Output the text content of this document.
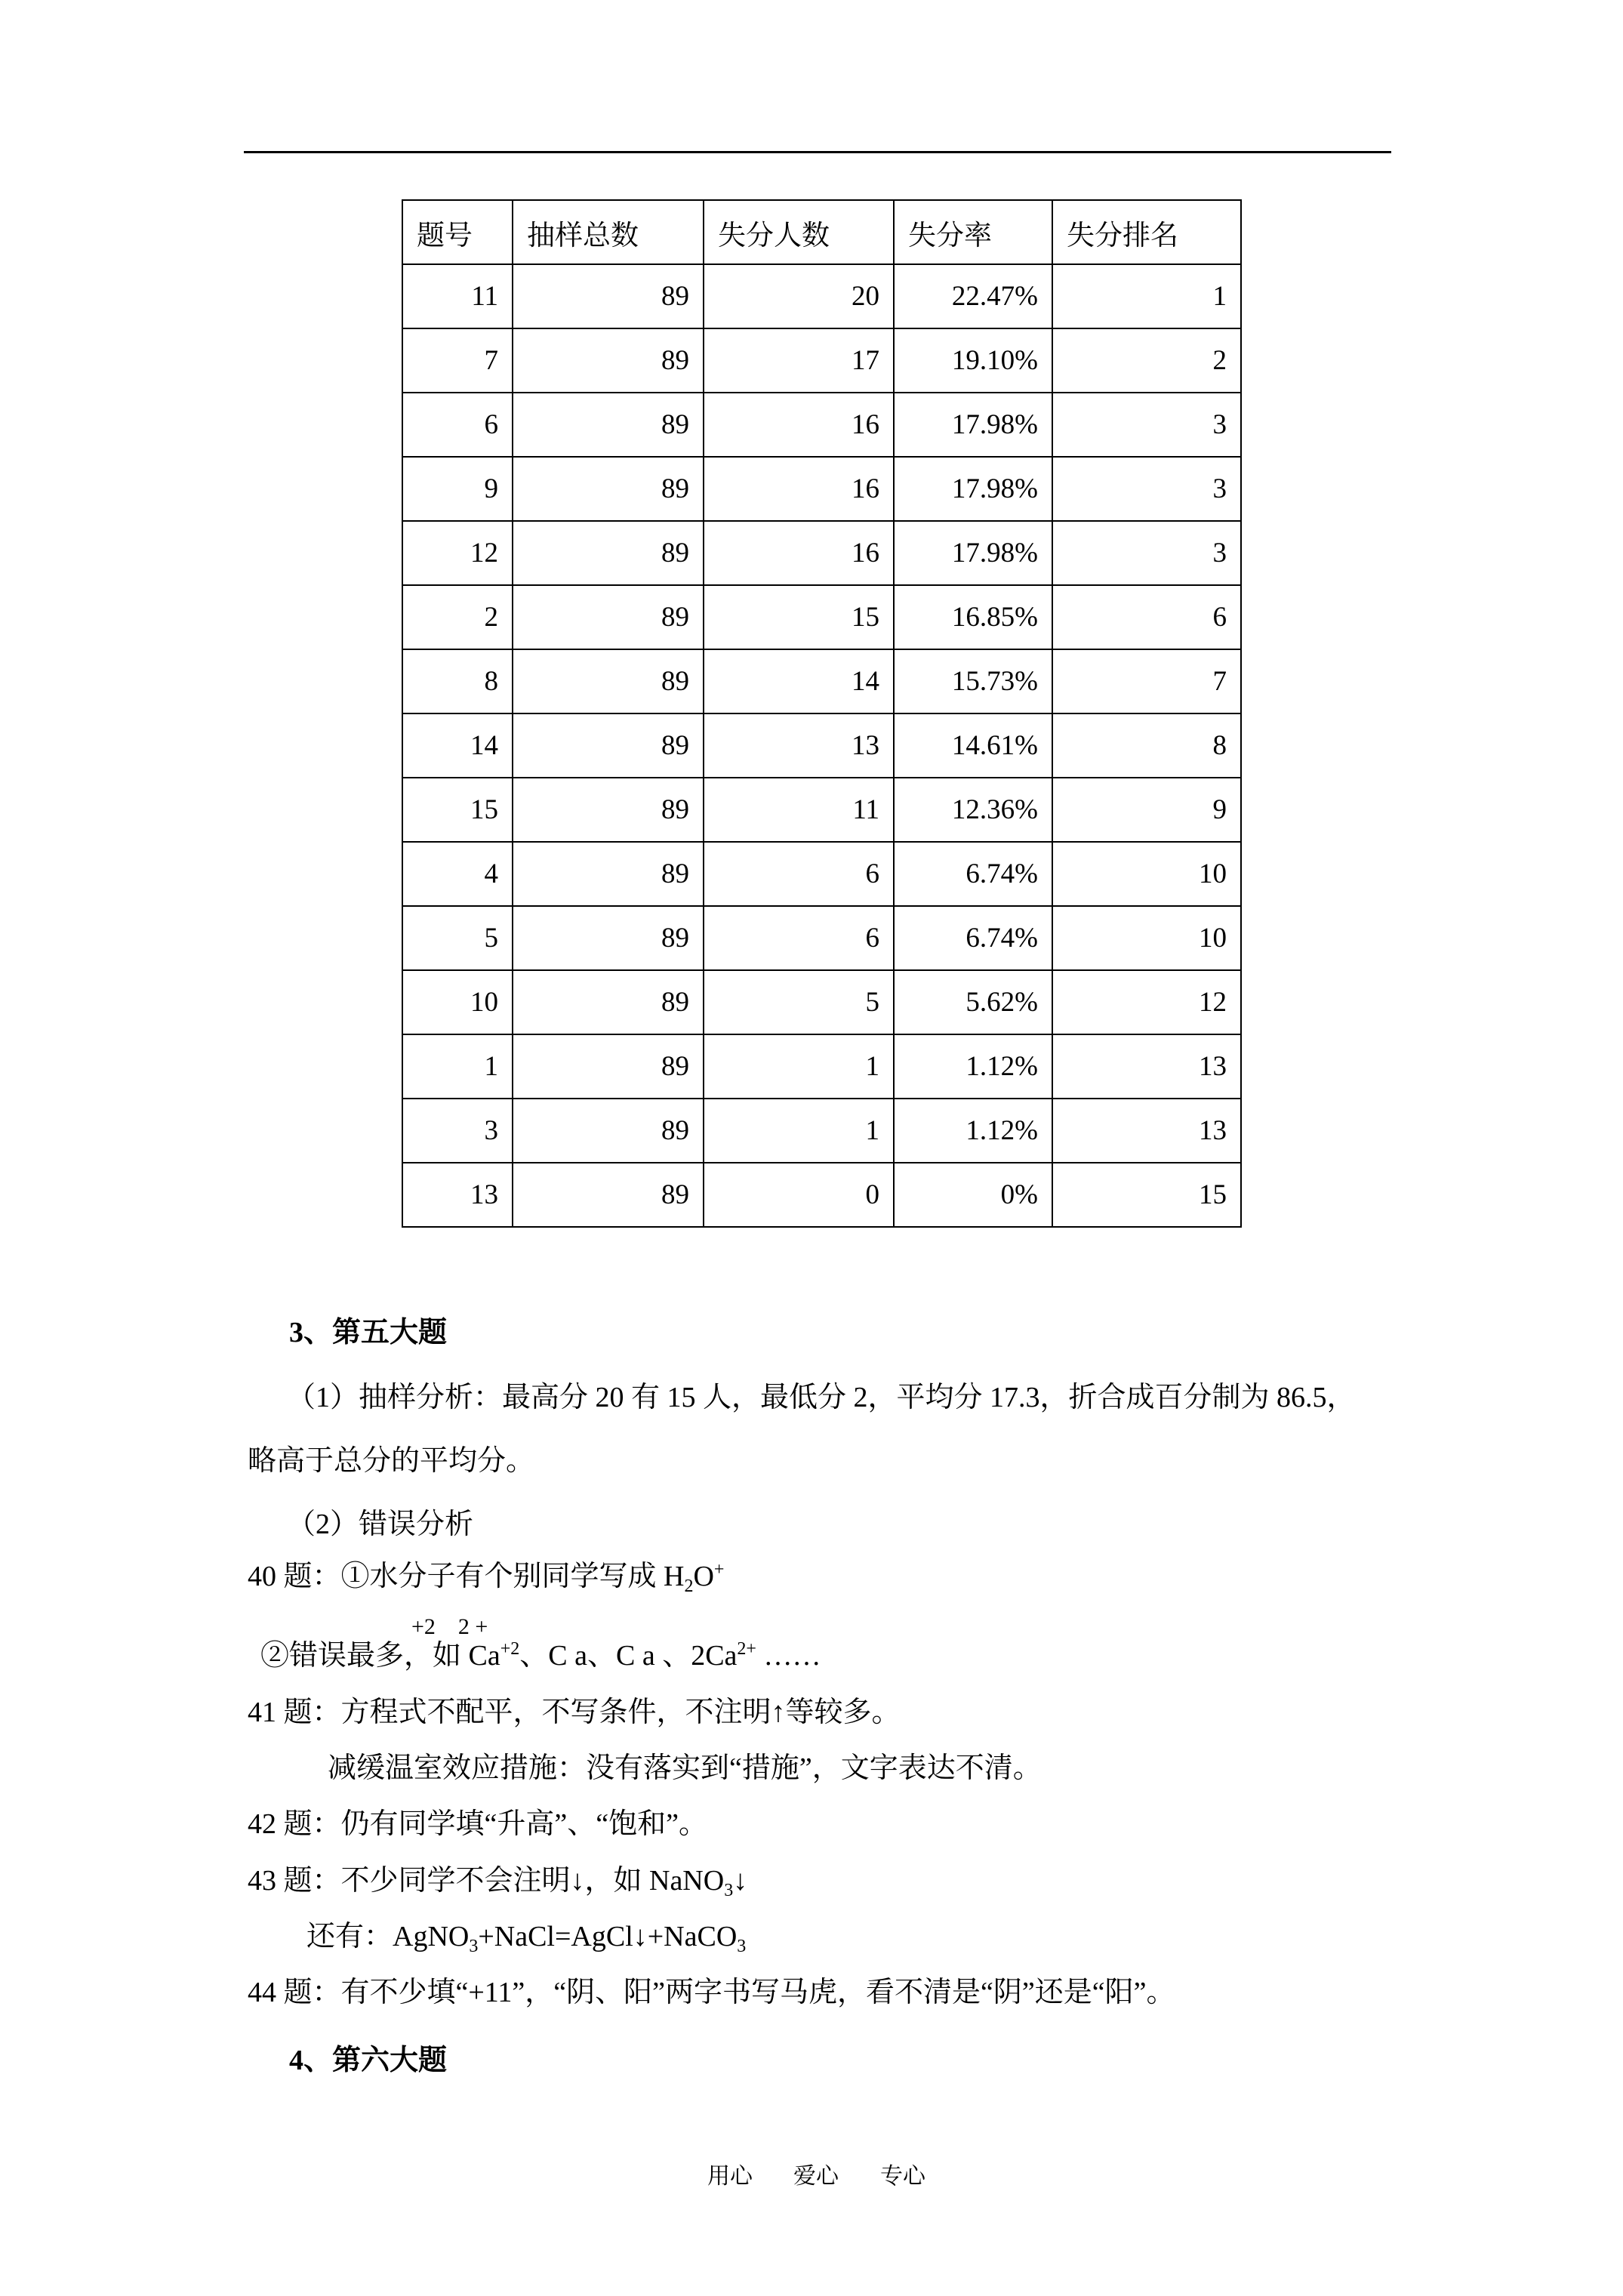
题号	抽样总数	失分人数	失分率	失分排名
11	89	20	22.47%	1
7	89	17	19.10%	2
6	89	16	17.98%	3
9	89	16	17.98%	3
12	89	16	17.98%	3
2	89	15	16.85%	6
8	89	14	15.73%	7
14	89	13	14.61%	8
15	89	11	12.36%	9
4	89	6	6.74%	10
5	89	6	6.74%	10
10	89	5	5.62%	12
1	89	1	1.12%	13
3	89	1	1.12%	13
13	89	0	0%	15
3、第五大题
（1）抽样分析：最高分 20 有 15 人，最低分 2，平均分 17.3，折合成百分制为 86.5，
略高于总分的平均分。
（2）错误分析
40 题：①水分子有个别同学写成 $H_2O^+$
+2    2 +
②错误最多，如 $Ca^{+2}$、C a、C a 、$2Ca^{2+}$ ……
41 题：方程式不配平，不写条件，不注明↑等较多。
减缓温室效应措施：没有落实到“措施”，文字表达不清。
42 题：仍有同学填“升高”、“饱和”。
43 题：不少同学不会注明↓，如 NaNO$_3$↓
还有：AgNO$_3$+NaCl=AgCl↓+NaCO$_3$
44 题：有不少填“+11”，“阴、阳”两字书写马虎，看不清是“阴”还是“阳”。
4、第六大题
用心 爱心 专心
